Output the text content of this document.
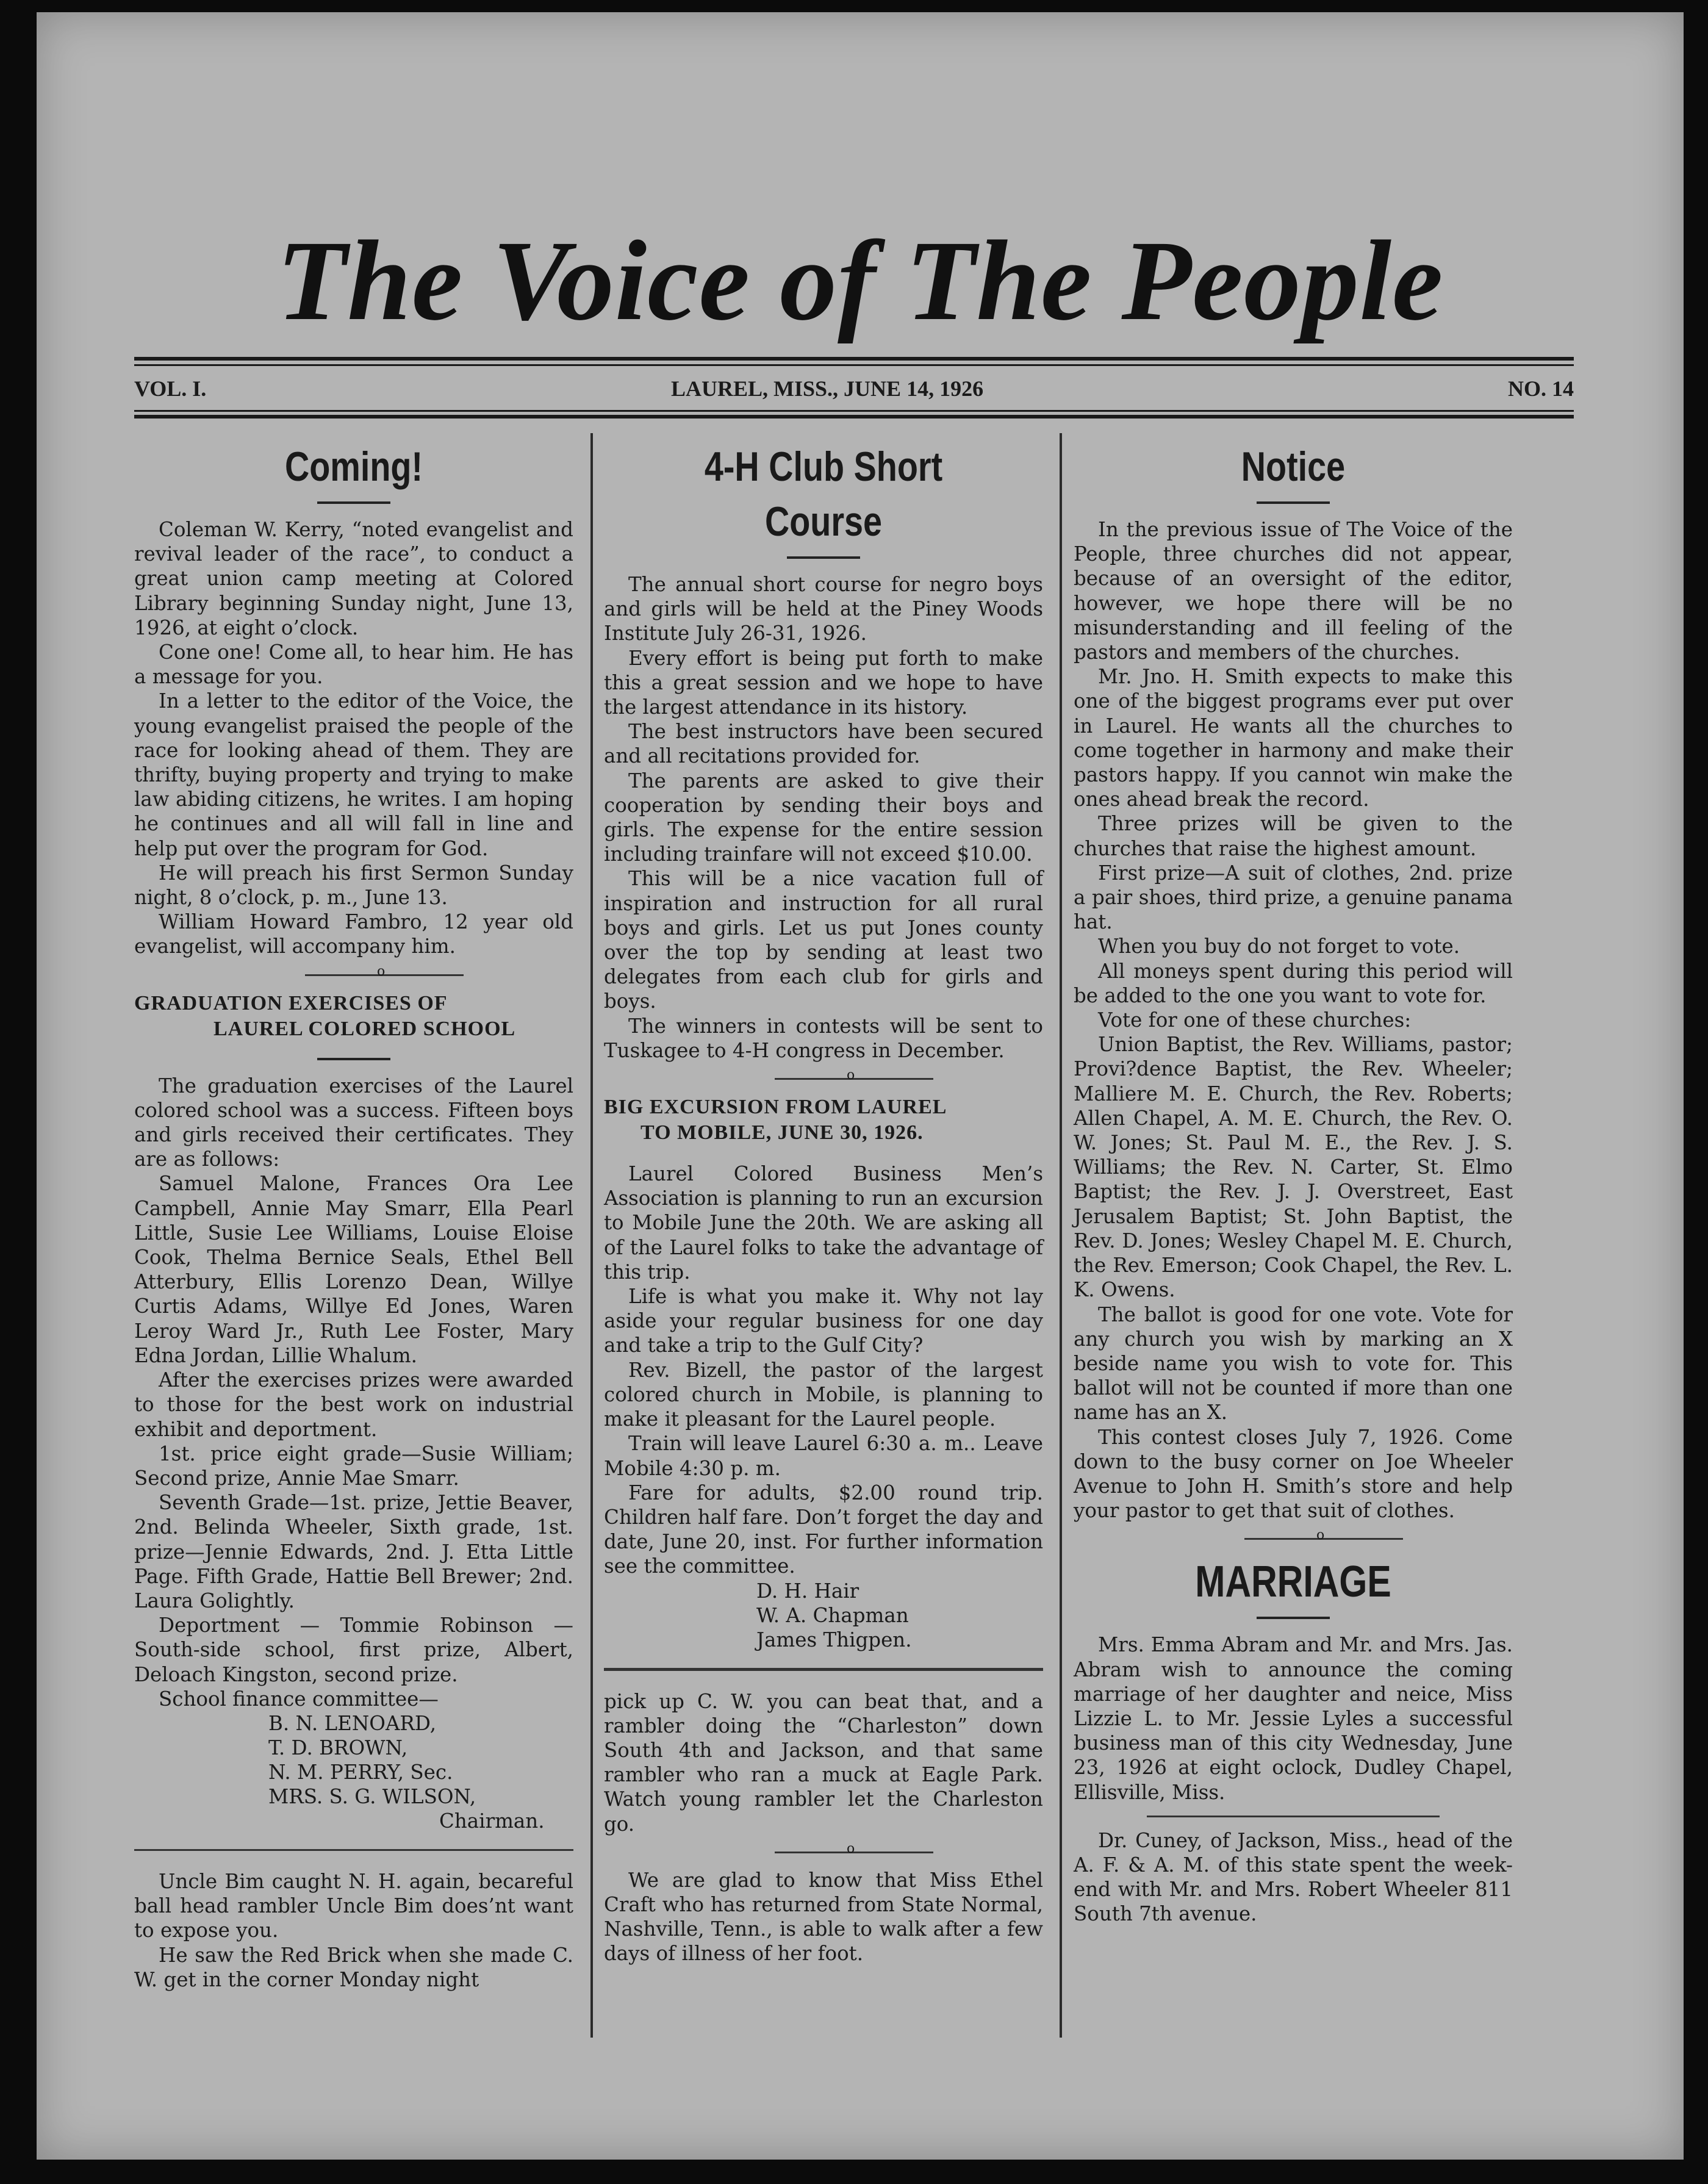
The Voice of The People
VOL. I.	LAUREL, MISS., JUNE 14, 1926	NO. 14
Coming!

Coleman W. Kerry, “noted evangelist and revival leader of the race”, to conduct a great union camp meeting at Colored Library beginning Sunday night, June 13, 1926, at eight o’clock.

Cone one! Come all, to hear him. He has a message for you.

In a letter to the editor of the Voice, the young evangelist praised the people of the race for looking ahead of them. They are thrifty, buying property and trying to make law abiding citizens, he writes. I am hoping he continues and all will fall in line and help put over the program for God.

He will preach his first Sermon Sunday night, 8 o’clock, p. m., June 13.

William Howard Fambro, 12 year old evangelist, will accompany him.

o
GRADUATION EXERCISES OF
LAUREL COLORED SCHOOL

The graduation exercises of the Laurel colored school was a success. Fifteen boys and girls received their certificates. They are as follows:

Samuel Malone, Frances Ora Lee Campbell, Annie May Smarr, Ella Pearl Little, Susie Lee Williams, Louise Eloise Cook, Thelma Bernice Seals, Ethel Bell Atterbury, Ellis Lorenzo Dean, Willye Curtis Adams, Willye Ed Jones, Waren Leroy Ward Jr., Ruth Lee Foster, Mary Edna Jordan, Lillie Whalum.

After the exercises prizes were awarded to those for the best work on industrial exhibit and deportment.

1st. price eight grade—Susie William; Second prize, Annie Mae Smarr.

Seventh Grade—1st. prize, Jettie Beaver, 2nd. Belinda Wheeler, Sixth grade, 1st. prize—Jennie Edwards, 2nd. J. Etta Little Page. Fifth Grade, Hattie Bell Brewer; 2nd. Laura Golightly.

Deportment — Tommie Robinson — South-side school, first prize, Albert, Deloach Kingston, second prize.

School finance committee—

B. N. LENOARD,

T. D. BROWN,

N. M. PERRY, Sec.

MRS. S. G. WILSON,

Chairman.

Uncle Bim caught N. H. again, becareful ball head rambler Uncle Bim does’nt want to expose you.

He saw the Red Brick when she made C. W. get in the corner Monday night

4-H Club Short Course

The annual short course for negro boys and girls will be held at the Piney Woods Institute July 26-31, 1926.

Every effort is being put forth to make this a great session and we hope to have the largest attendance in its history.

The best instructors have been secured and all recitations provided for.

The parents are asked to give their cooperation by sending their boys and girls. The expense for the entire session including trainfare will not exceed $10.00.

This will be a nice vacation full of inspiration and instruction for all rural boys and girls. Let us put Jones county over the top by sending at least two delegates from each club for girls and boys.

The winners in contests will be sent to Tuskagee to 4-H congress in December.

o
BIG EXCURSION FROM LAUREL
TO MOBILE, JUNE 30, 1926.

Laurel Colored Business Men’s Association is planning to run an excursion to Mobile June the 20th. We are asking all of the Laurel folks to take the advantage of this trip.

Life is what you make it. Why not lay aside your regular business for one day and take a trip to the Gulf City?

Rev. Bizell, the pastor of the largest colored church in Mobile, is planning to make it pleasant for the Laurel people.

Train will leave Laurel 6:30 a. m.. Leave Mobile 4:30 p. m.

Fare for adults, $2.00 round trip. Children half fare. Don’t forget the day and date, June 20, inst. For further information see the committee.

D. H. Hair

W. A. Chapman

James Thigpen.

pick up C. W. you can beat that, and a rambler doing the “Charleston” down South 4th and Jackson, and that same rambler who ran a muck at Eagle Park. Watch young rambler let the Charleston go.

o

We are glad to know that Miss Ethel Craft who has returned from State Normal, Nashville, Tenn., is able to walk after a few days of illness of her foot.

Notice

In the previous issue of The Voice of the People, three churches did not appear, because of an oversight of the editor, however, we hope there will be no misunderstanding and ill feeling of the pastors and members of the churches.

Mr. Jno. H. Smith expects to make this one of the biggest programs ever put over in Laurel. He wants all the churches to come together in harmony and make their pastors happy. If you cannot win make the ones ahead break the record.

Three prizes will be given to the churches that raise the highest amount.

First prize—A suit of clothes, 2nd. prize a pair shoes, third prize, a genuine panama hat.

When you buy do not forget to vote.

All moneys spent during this period will be added to the one you want to vote for.

Vote for one of these churches:

Union Baptist, the Rev. Williams, pastor; Provi?dence Baptist, the Rev. Wheeler; Malliere M. E. Church, the Rev. Roberts; Allen Chapel, A. M. E. Church, the Rev. O. W. Jones; St. Paul M. E., the Rev. J. S. Williams; the Rev. N. Carter, St. Elmo Baptist; the Rev. J. J. Overstreet, East Jerusalem Baptist; St. John Baptist, the Rev. D. Jones; Wesley Chapel M. E. Church, the Rev. Emerson; Cook Chapel, the Rev. L. K. Owens.

The ballot is good for one vote. Vote for any church you wish by marking an X beside name you wish to vote for. This ballot will not be counted if more than one name has an X.

This contest closes July 7, 1926. Come down to the busy corner on Joe Wheeler Avenue to John H. Smith’s store and help your pastor to get that suit of clothes.

o
MARRIAGE

Mrs. Emma Abram and Mr. and Mrs. Jas. Abram wish to announce the coming marriage of her daughter and neice, Miss Lizzie L. to Mr. Jessie Lyles a successful business man of this city Wednesday, June 23, 1926 at eight oclock, Dudley Chapel, Ellisville, Miss.

Dr. Cuney, of Jackson, Miss., head of the A. F. & A. M. of this state spent the week-end with Mr. and Mrs. Robert Wheeler 811 South 7th avenue.
